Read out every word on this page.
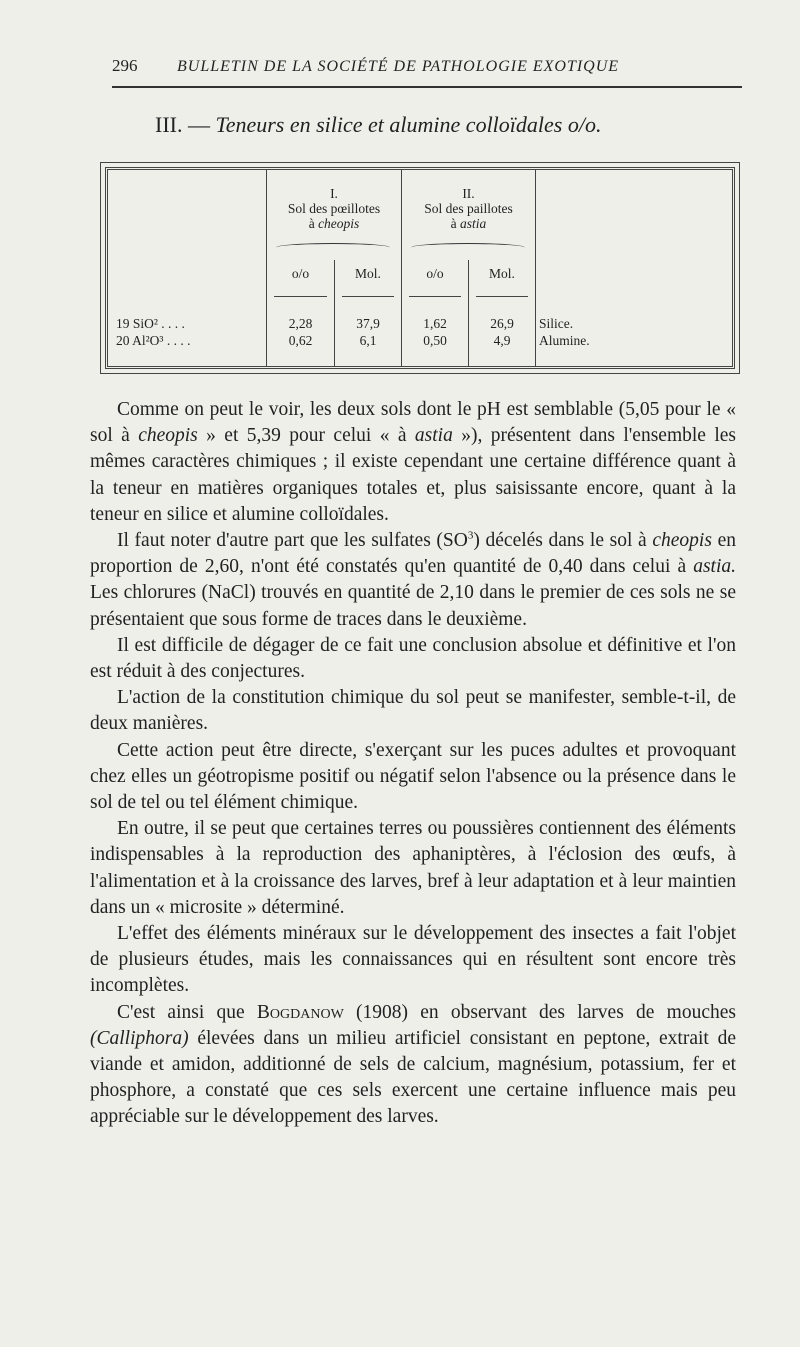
296 BULLETIN DE LA SOCIÉTÉ DE PATHOLOGIE EXOTIQUE
III. — Teneurs en silice et alumine colloïdales o/o.
I.
Sol des pœillotes
à cheopis
II.
Sol des paillotes
à astia
o/o	Mol.	o/o	Mol.
19 SiO² . . . .	2,28	37,9	1,62	26,9	Silice.
20 Al²O³ . . . .	0,62	6,1	0,50	4,9	Alumine.

Comme on peut le voir, les deux sols dont le pH est semblable (5,05 pour le « sol à cheopis » et 5,39 pour celui « à astia »), présentent dans l'ensemble les mêmes caractères chimiques ; il existe cependant une certaine différence quant à la teneur en matières organiques totales et, plus saisissante encore, quant à la teneur en silice et alumine colloïdales.

Il faut noter d'autre part que les sulfates $(SO^3)$ décelés dans le sol à cheopis en proportion de 2,60, n'ont été constatés qu'en quantité de 0,40 dans celui à astia. Les chlorures (NaCl) trouvés en quantité de 2,10 dans le premier de ces sols ne se présentaient que sous forme de traces dans le deuxième.

Il est difficile de dégager de ce fait une conclusion absolue et définitive et l'on est réduit à des conjectures.

L'action de la constitution chimique du sol peut se manifester, semble-t-il, de deux manières.

Cette action peut être directe, s'exerçant sur les puces adultes et provoquant chez elles un géotropisme positif ou négatif selon l'absence ou la présence dans le sol de tel ou tel élément chimique.

En outre, il se peut que certaines terres ou poussières contiennent des éléments indispensables à la reproduction des aphaniptères, à l'éclosion des œufs, à l'alimentation et à la croissance des larves, bref à leur adaptation et à leur maintien dans un « microsite » déterminé.

L'effet des éléments minéraux sur le développement des insectes a fait l'objet de plusieurs études, mais les connaissances qui en résultent sont encore très incomplètes.

C'est ainsi que Bogdanow (1908) en observant des larves de mouches (Calliphora) élevées dans un milieu artificiel consistant en peptone, extrait de viande et amidon, additionné de sels de calcium, magnésium, potassium, fer et phosphore, a constaté que ces sels exercent une certaine influence mais peu appréciable sur le développement des larves.
